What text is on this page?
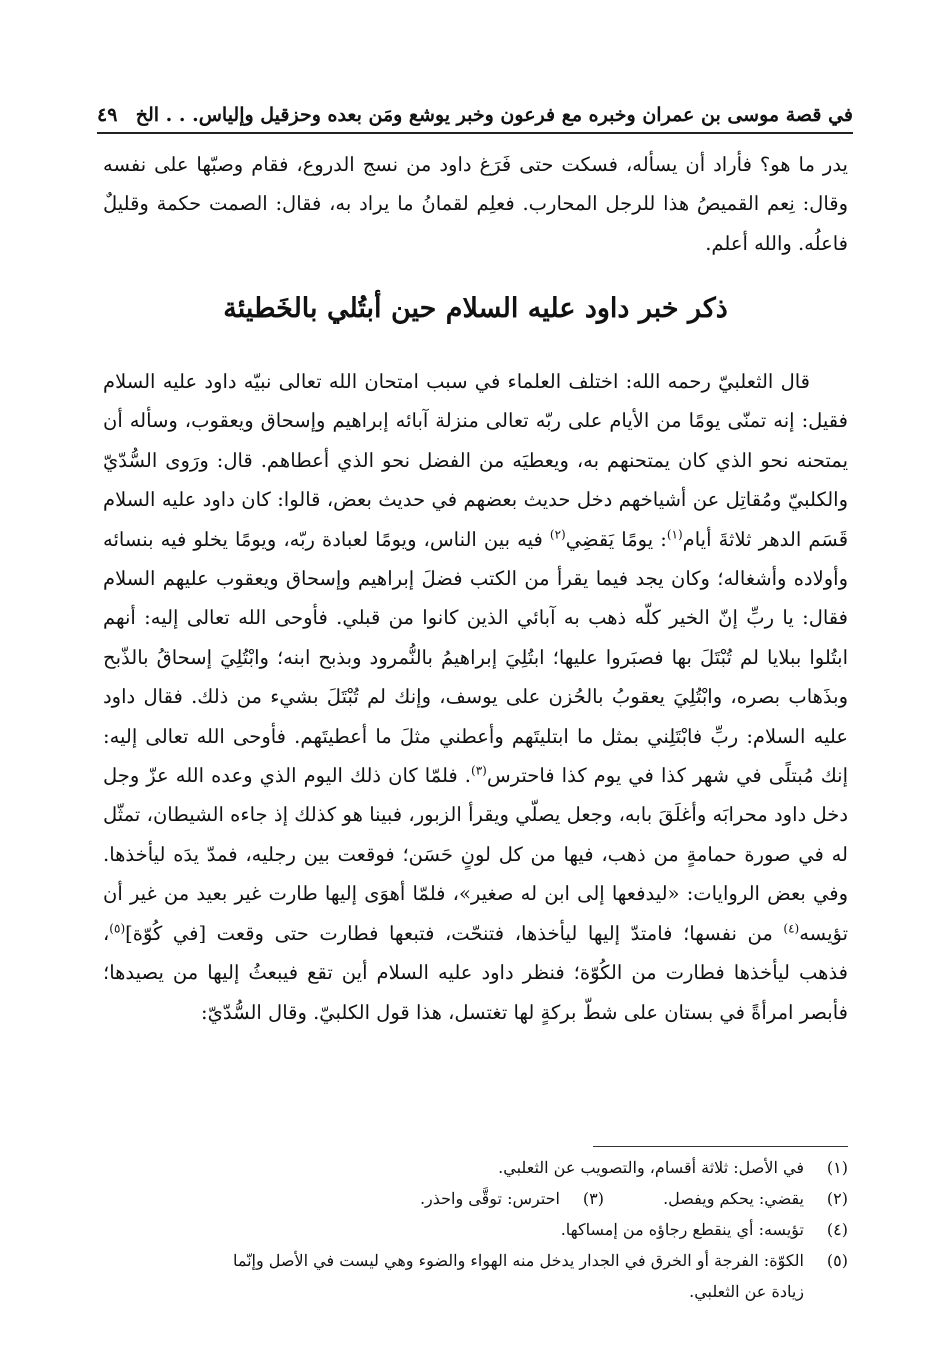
في قصة موسى بن عمران وخبره مع فرعون وخبر يوشع ومَن بعده وحزقيل وإلياس. . . الخ
٤٩

يدر ما هو؟ فأراد أن يسأله، فسكت حتى فَرَغ داود من نسج الدروع، فقام وصبّها على نفسه وقال: نِعم القميصُ هذا للرجل المحارب. فعلِم لقمانُ ما يراد به، فقال: الصمت حكمة وقليلٌ فاعلُه. والله أعلم.

ذكر خبر داود عليه السلام حين أبتُلي بالخَطيئة

قال الثعلبيّ رحمه الله: اختلف العلماء في سبب امتحان الله تعالى نبيّه داود عليه السلام فقيل: إنه تمنّى يومًا من الأيام على ربّه تعالى منزلة آبائه إبراهيم وإسحاق ويعقوب، وسأله أن يمتحنه نحو الذي كان يمتحنهم به، ويعطيَه من الفضل نحو الذي أعطاهم. قال: ورَوى السُّدّيّ والكلبيّ ومُقاتِل عن أشياخهم دخل حديث بعضهم في حديث بعض، قالوا: كان داود عليه السلام قَسَم الدهر ثلاثةَ أيام$^{(١)}$: يومًا يَقضِي$^{(٢)}$ فيه بين الناس، ويومًا لعبادة ربّه، ويومًا يخلو فيه بنسائه وأولاده وأشغاله؛ وكان يجد فيما يقرأ من الكتب فضلَ إبراهيم وإسحاق ويعقوب عليهم السلام فقال: يا ربِّ إنّ الخير كلّه ذهب به آبائي الذين كانوا من قبلي. فأوحى الله تعالى إليه: أنهم ابتُلوا ببلايا لم تُبْتَلَ بها فصبَروا عليها؛ ابتُلِيَ إبراهيمُ بالنُّمرود وبذبح ابنه؛ وابْتُلِيَ إسحاقُ بالذّبح وبذَهاب بصره، وابْتُلِيَ يعقوبُ بالحُزن على يوسف، وإنك لم تُبْتَلَ بشيء من ذلك. فقال داود عليه السلام: ربِّ فابْتَلِني بمثل ما ابتليتَهم وأعطني مثلَ ما أعطيتَهم. فأوحى الله تعالى إليه: إنك مُبتلًى في شهر كذا في يوم كذا فاحترس$^{(٣)}$. فلمّا كان ذلك اليوم الذي وعده الله عزّ وجل دخل داود محرابَه وأغلَقَ بابه، وجعل يصلّي ويقرأ الزبور، فبينا هو كذلك إذ جاءه الشيطان، تمثّل له في صورة حمامةٍ من ذهب، فيها من كل لونٍ حَسَن؛ فوقعت بين رجليه، فمدّ يدَه ليأخذها. وفي بعض الروايات: «ليدفعها إلى ابن له صغير»، فلمّا أهوَى إليها طارت غير بعيد من غير أن تؤيسه$^{(٤)}$ من نفسها؛ فامتدّ إليها ليأخذها، فتنحّت، فتبعها فطارت حتى وقعت [في كُوّة]$^{(٥)}$، فذهب ليأخذها فطارت من الكُوّة؛ فنظر داود عليه السلام أين تقع فيبعثُ إليها من يصيدها؛ فأبصر امرأةً في بستان على شطّ بركةٍ لها تغتسل، هذا قول الكلبيّ. وقال السُّدّيّ:

(١)
في الأصل: ثلاثة أقسام، والتصويب عن الثعلبي.
(٢)
يقضي: يحكم ويفصل.
(٣)
احترس: توقَّى واحذر.
(٤)
تؤيسه: أي ينقطع رجاؤه من إمساكها.
(٥)
الكوّة: الفرجة أو الخرق في الجدار يدخل منه الهواء والضوء وهي ليست في الأصل وإنّما
زيادة عن الثعلبي.
